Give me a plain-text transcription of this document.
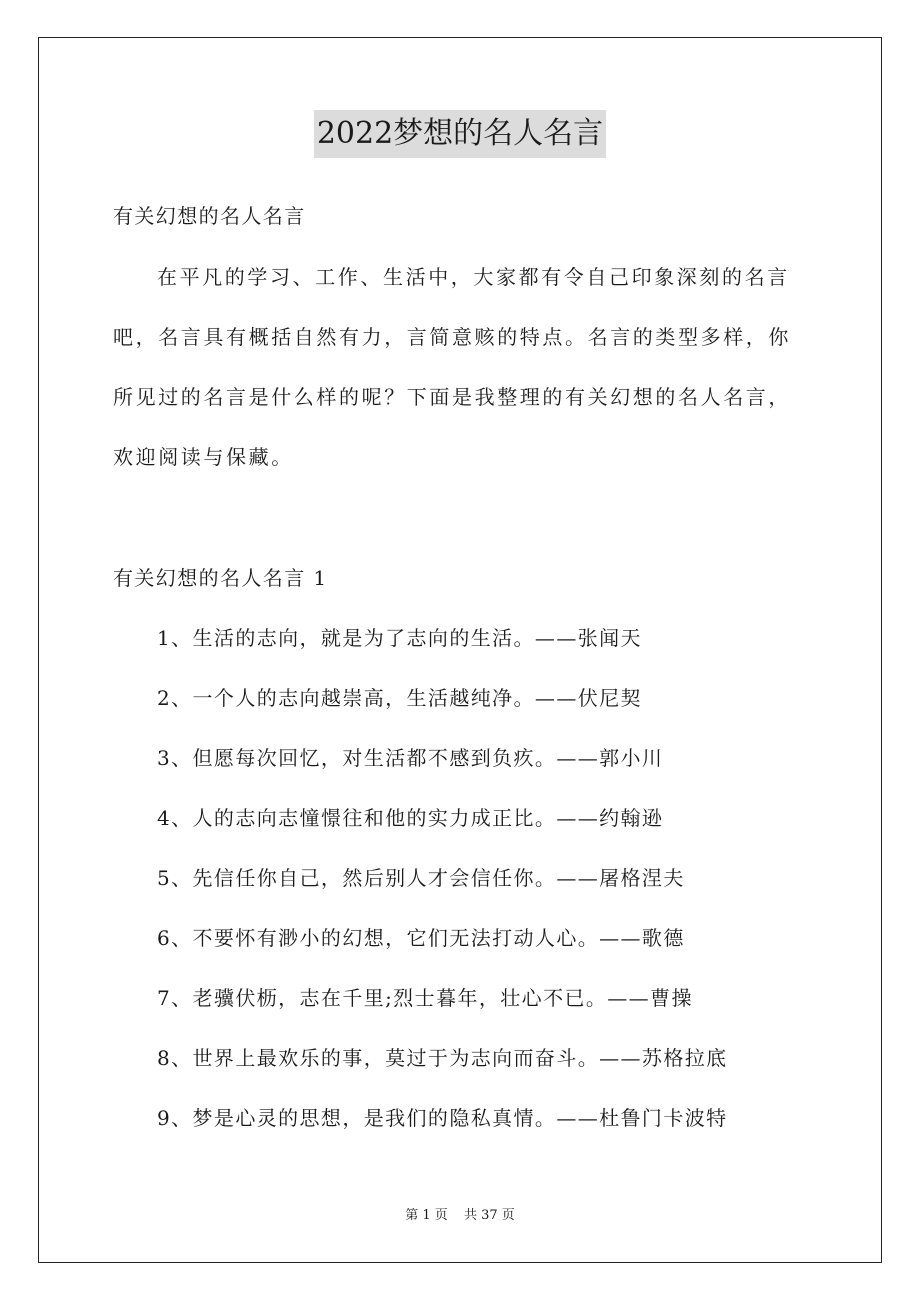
2022梦想的名人名言
有关幻想的名人名言
在平凡的学习、工作、生活中，大家都有令自己印象深刻的名言
吧，名言具有概括自然有力，言简意赅的特点。名言的类型多样，你
所见过的名言是什么样的呢？下面是我整理的有关幻想的名人名言，
欢迎阅读与保藏。
有关幻想的名人名言 1
1、生活的志向，就是为了志向的生活。——张闻天
2、一个人的志向越崇高，生活越纯净。——伏尼契
3、但愿每次回忆，对生活都不感到负疚。——郭小川
4、人的志向志憧憬往和他的实力成正比。——约翰逊
5、先信任你自己，然后别人才会信任你。——屠格涅夫
6、不要怀有渺小的幻想，它们无法打动人心。——歌德
7、老骥伏枥，志在千里;烈士暮年，壮心不已。——曹操
8、世界上最欢乐的事，莫过于为志向而奋斗。——苏格拉底
9、梦是心灵的思想，是我们的隐私真情。——杜鲁门卡波特
第 1 页 共 37 页
